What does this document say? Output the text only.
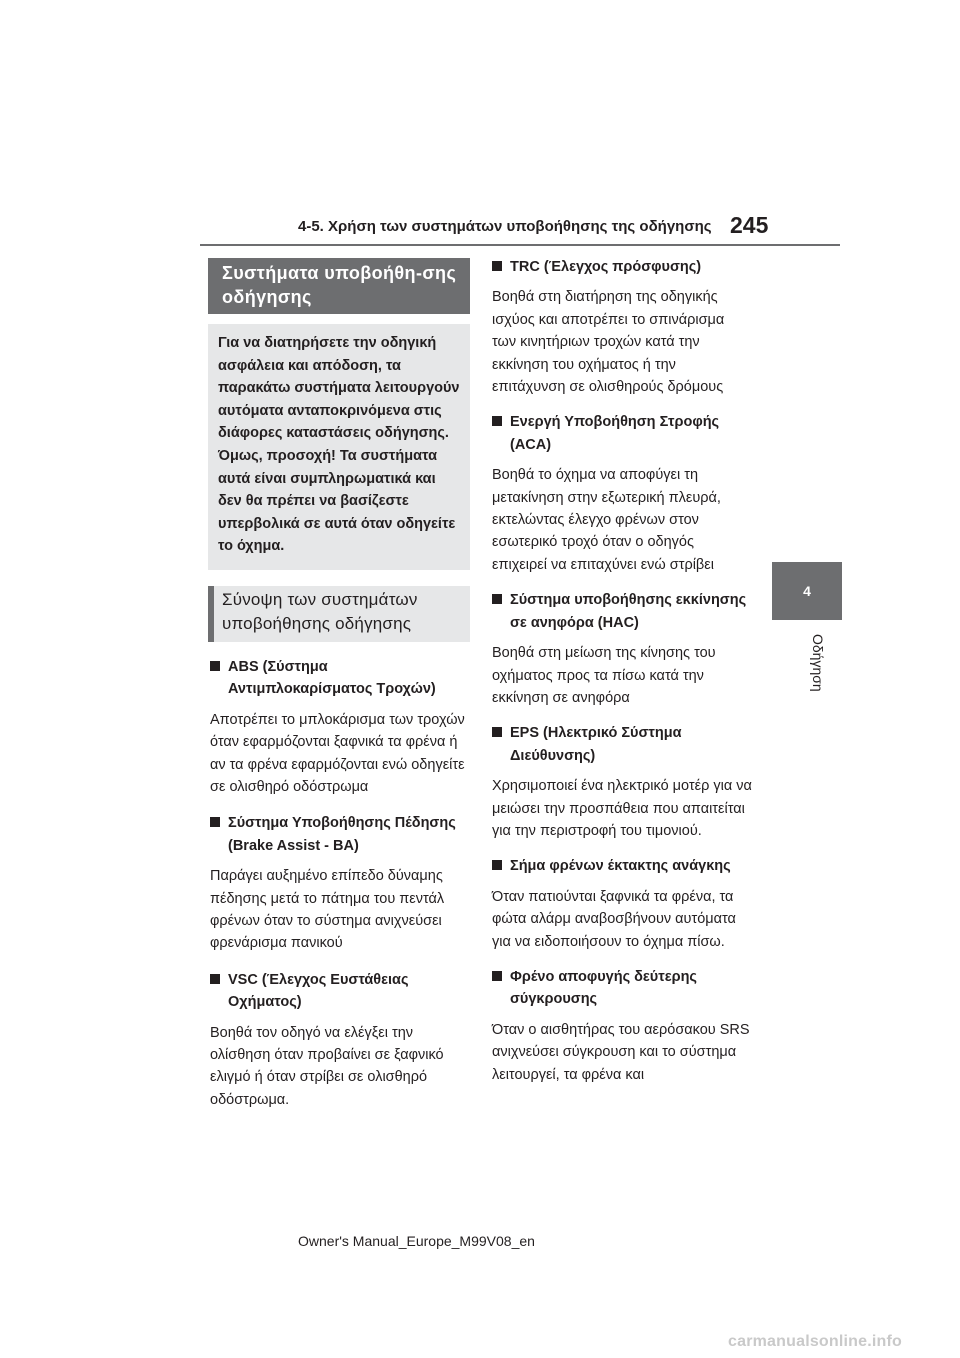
4-5. Χρήση των συστημάτων υποβοήθησης της οδήγησης 245
4
Οδήγηση
Συστήματα υποβοήθη-σης οδήγησης
Για να διατηρήσετε την οδηγική ασφάλεια και απόδοση, τα παρακάτω συστήματα λειτουργούν αυτόματα ανταποκρινόμενα στις διάφορες καταστάσεις οδήγησης. Όμως, προσοχή! Τα συστήματα αυτά είναι συμπληρωματικά και δεν θα πρέπει να βασίζεστε υπερβολικά σε αυτά όταν οδηγείτε το όχημα.
Σύνοψη των συστημάτων υποβοήθησης οδήγησης
ABS (Σύστημα Αντιμπλοκαρίσματος Τροχών)
Αποτρέπει το μπλοκάρισμα των τροχών όταν εφαρμόζονται ξαφνικά τα φρένα ή αν τα φρένα εφαρμόζονται ενώ οδηγείτε σε ολισθηρό οδόστρωμα
Σύστημα Υποβοήθησης Πέδησης (Brake Assist - BA)
Παράγει αυξημένο επίπεδο δύναμης πέδησης μετά το πάτημα του πεντάλ φρένων όταν το σύστημα ανιχνεύσει φρενάρισμα πανικού
VSC (Έλεγχος Ευστάθειας Οχήματος)
Βοηθά τον οδηγό να ελέγξει την ολίσθηση όταν προβαίνει σε ξαφνικό ελιγμό ή όταν στρίβει σε ολισθηρό οδόστρωμα.
TRC (Έλεγχος πρόσφυσης)
Βοηθά στη διατήρηση της οδηγικής ισχύος και αποτρέπει το σπινάρισμα των κινητήριων τροχών κατά την εκκίνηση του οχήματος ή την επιτάχυνση σε ολισθηρούς δρόμους
Ενεργή Υποβοήθηση Στροφής (ACA)
Βοηθά το όχημα να αποφύγει τη μετακίνηση στην εξωτερική πλευρά, εκτελώντας έλεγχο φρένων στον εσωτερικό τροχό όταν ο οδηγός επιχειρεί να επιταχύνει ενώ στρίβει
Σύστημα υποβοήθησης εκκίνησης σε ανηφόρα (HAC)
Βοηθά στη μείωση της κίνησης του οχήματος προς τα πίσω κατά την εκκίνηση σε ανηφόρα
EPS (Ηλεκτρικό Σύστημα Διεύθυνσης)
Χρησιμοποιεί ένα ηλεκτρικό μοτέρ για να μειώσει την προσπάθεια που απαιτείται για την περιστροφή του τιμονιού.
Σήμα φρένων έκτακτης ανάγκης
Όταν πατιούνται ξαφνικά τα φρένα, τα φώτα αλάρμ αναβοσβήνουν αυτόματα για να ειδοποιήσουν το όχημα πίσω.
Φρένο αποφυγής δεύτερης σύγκρουσης
Όταν ο αισθητήρας του αερόσακου SRS ανιχνεύσει σύγκρουση και το σύστημα λειτουργεί, τα φρένα και
Owner's Manual_Europe_M99V08_en
carmanualsonline.info
